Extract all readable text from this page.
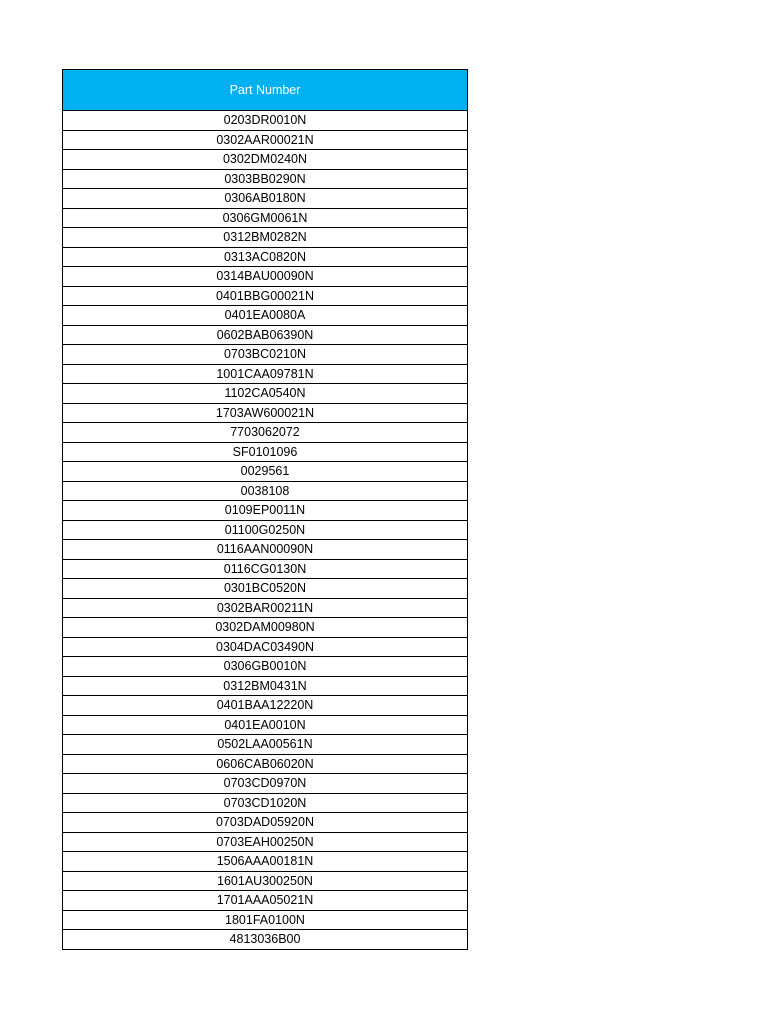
Part Number
0203DR0010N
0302AAR00021N
0302DM0240N
0303BB0290N
0306AB0180N
0306GM0061N
0312BM0282N
0313AC0820N
0314BAU00090N
0401BBG00021N
0401EA0080A
0602BAB06390N
0703BC0210N
1001CAA09781N
1102CA0540N
1703AW600021N
7703062072
SF0101096
0029561
0038108
0109EP0011N
01100G0250N
0116AAN00090N
0116CG0130N
0301BC0520N
0302BAR00211N
0302DAM00980N
0304DAC03490N
0306GB0010N
0312BM0431N
0401BAA12220N
0401EA0010N
0502LAA00561N
0606CAB06020N
0703CD0970N
0703CD1020N
0703DAD05920N
0703EAH00250N
1506AAA00181N
1601AU300250N
1701AAA05021N
1801FA0100N
4813036B00
